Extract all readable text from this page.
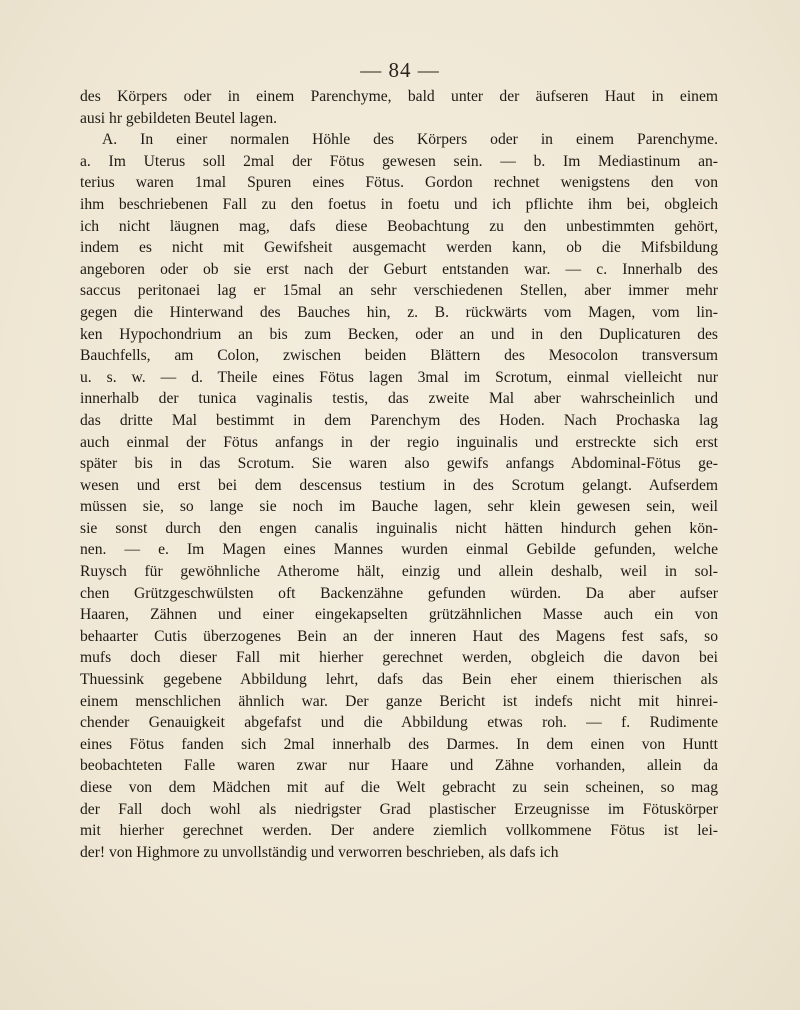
— 84 —
des Körpers oder in einem Parenchyme, bald unter der äufseren Haut in einem
ausi hr gebildeten Beutel lagen.
A. In einer normalen Höhle des Körpers oder in einem Parenchyme.
a. Im Uterus soll 2mal der Fötus gewesen sein. — b. Im Mediastinum an-
terius waren 1mal Spuren eines Fötus. Gordon rechnet wenigstens den von
ihm beschriebenen Fall zu den foetus in foetu und ich pflichte ihm bei, obgleich
ich nicht läugnen mag, dafs diese Beobachtung zu den unbestimmten gehört,
indem es nicht mit Gewifsheit ausgemacht werden kann, ob die Mifsbildung
angeboren oder ob sie erst nach der Geburt entstanden war. — c. Innerhalb des
saccus peritonaei lag er 15mal an sehr verschiedenen Stellen, aber immer mehr
gegen die Hinterwand des Bauches hin, z. B. rückwärts vom Magen, vom lin-
ken Hypochondrium an bis zum Becken, oder an und in den Duplicaturen des
Bauchfells, am Colon, zwischen beiden Blättern des Mesocolon transversum
u. s. w. — d. Theile eines Fötus lagen 3mal im Scrotum, einmal vielleicht nur
innerhalb der tunica vaginalis testis, das zweite Mal aber wahrscheinlich und
das dritte Mal bestimmt in dem Parenchym des Hoden. Nach Prochaska lag
auch einmal der Fötus anfangs in der regio inguinalis und erstreckte sich erst
später bis in das Scrotum. Sie waren also gewifs anfangs Abdominal-Fötus ge-
wesen und erst bei dem descensus testium in des Scrotum gelangt. Aufserdem
müssen sie, so lange sie noch im Bauche lagen, sehr klein gewesen sein, weil
sie sonst durch den engen canalis inguinalis nicht hätten hindurch gehen kön-
nen. — e. Im Magen eines Mannes wurden einmal Gebilde gefunden, welche
Ruysch für gewöhnliche Atherome hält, einzig und allein deshalb, weil in sol-
chen Grützgeschwülsten oft Backenzähne gefunden würden. Da aber aufser
Haaren, Zähnen und einer eingekapselten grützähnlichen Masse auch ein von
behaarter Cutis überzogenes Bein an der inneren Haut des Magens fest safs, so
mufs doch dieser Fall mit hierher gerechnet werden, obgleich die davon bei
Thuessink gegebene Abbildung lehrt, dafs das Bein eher einem thierischen als
einem menschlichen ähnlich war. Der ganze Bericht ist indefs nicht mit hinrei-
chender Genauigkeit abgefafst und die Abbildung etwas roh. — f. Rudimente
eines Fötus fanden sich 2mal innerhalb des Darmes. In dem einen von Huntt
beobachteten Falle waren zwar nur Haare und Zähne vorhanden, allein da
diese von dem Mädchen mit auf die Welt gebracht zu sein scheinen, so mag
der Fall doch wohl als niedrigster Grad plastischer Erzeugnisse im Fötuskörper
mit hierher gerechnet werden. Der andere ziemlich vollkommene Fötus ist lei-
der! von Highmore zu unvollständig und verworren beschrieben, als dafs ich
